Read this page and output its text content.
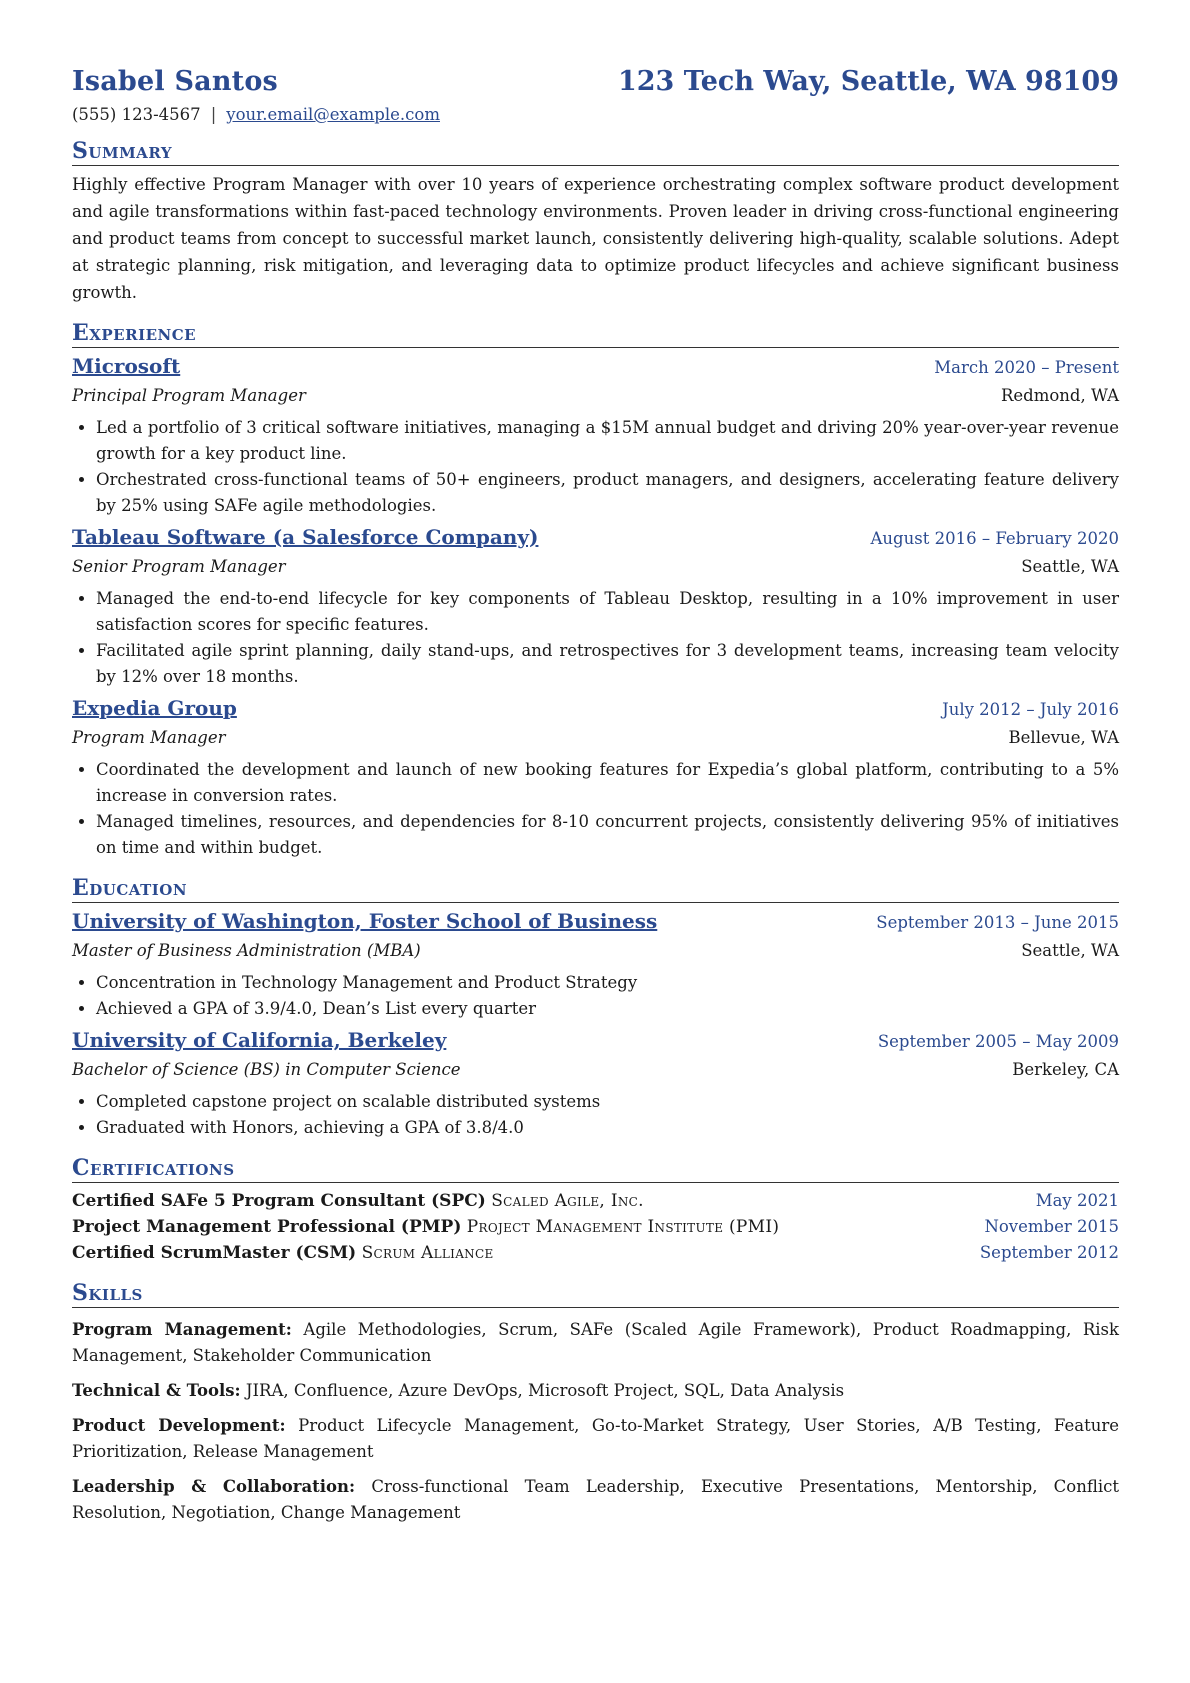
Isabel Santos	123 Tech Way, Seattle, WA 98109
(555) 123-4567 | your.email@example.com
Summary
Highly effective Program Manager with over 10 years of experience orchestrating complex software product development and agile transformations within fast-paced technology environments. Proven leader in driving cross-functional engineering and product teams from concept to successful market launch, consistently delivering high-quality, scalable solutions. Adept at strategic planning, risk mitigation, and leveraging data to optimize product lifecycles and achieve significant business growth.
Experience
Microsoft	March 2020 – Present
Principal Program Manager	Redmond, WA
• Led a portfolio of 3 critical software initiatives, managing a $15M annual budget and driving 20% year-over-year revenue growth for a key product line.
• Orchestrated cross-functional teams of 50+ engineers, product managers, and designers, accelerating feature delivery by 25% using SAFe agile methodologies.
Tableau Software (a Salesforce Company)	August 2016 – February 2020
Senior Program Manager	Seattle, WA
• Managed the end-to-end lifecycle for key components of Tableau Desktop, resulting in a 10% improvement in user satisfaction scores for specific features.
• Facilitated agile sprint planning, daily stand-ups, and retrospectives for 3 development teams, increasing team velocity by 12% over 18 months.
Expedia Group	July 2012 – July 2016
Program Manager	Bellevue, WA
• Coordinated the development and launch of new booking features for Expedia’s global platform, contributing to a 5% increase in conversion rates.
• Managed timelines, resources, and dependencies for 8-10 concurrent projects, consistently delivering 95% of initiatives on time and within budget.
Education
University of Washington, Foster School of Business	September 2013 – June 2015
Master of Business Administration (MBA)	Seattle, WA
• Concentration in Technology Management and Product Strategy
• Achieved a GPA of 3.9/4.0, Dean’s List every quarter
University of California, Berkeley	September 2005 – May 2009
Bachelor of Science (BS) in Computer Science	Berkeley, CA
• Completed capstone project on scalable distributed systems
• Graduated with Honors, achieving a GPA of 3.8/4.0
Certifications
Certified SAFe 5 Program Consultant (SPC) Scaled Agile, Inc.	May 2021
Project Management Professional (PMP) Project Management Institute (PMI)	November 2015
Certified ScrumMaster (CSM) Scrum Alliance	September 2012
Skills
Program Management: Agile Methodologies, Scrum, SAFe (Scaled Agile Framework), Product Roadmapping, Risk Management, Stakeholder Communication
Technical & Tools: JIRA, Confluence, Azure DevOps, Microsoft Project, SQL, Data Analysis
Product Development: Product Lifecycle Management, Go-to-Market Strategy, User Stories, A/B Testing, Feature Prioritization, Release Management
Leadership & Collaboration: Cross-functional Team Leadership, Executive Presentations, Mentorship, Conflict Resolution, Negotiation, Change Management
